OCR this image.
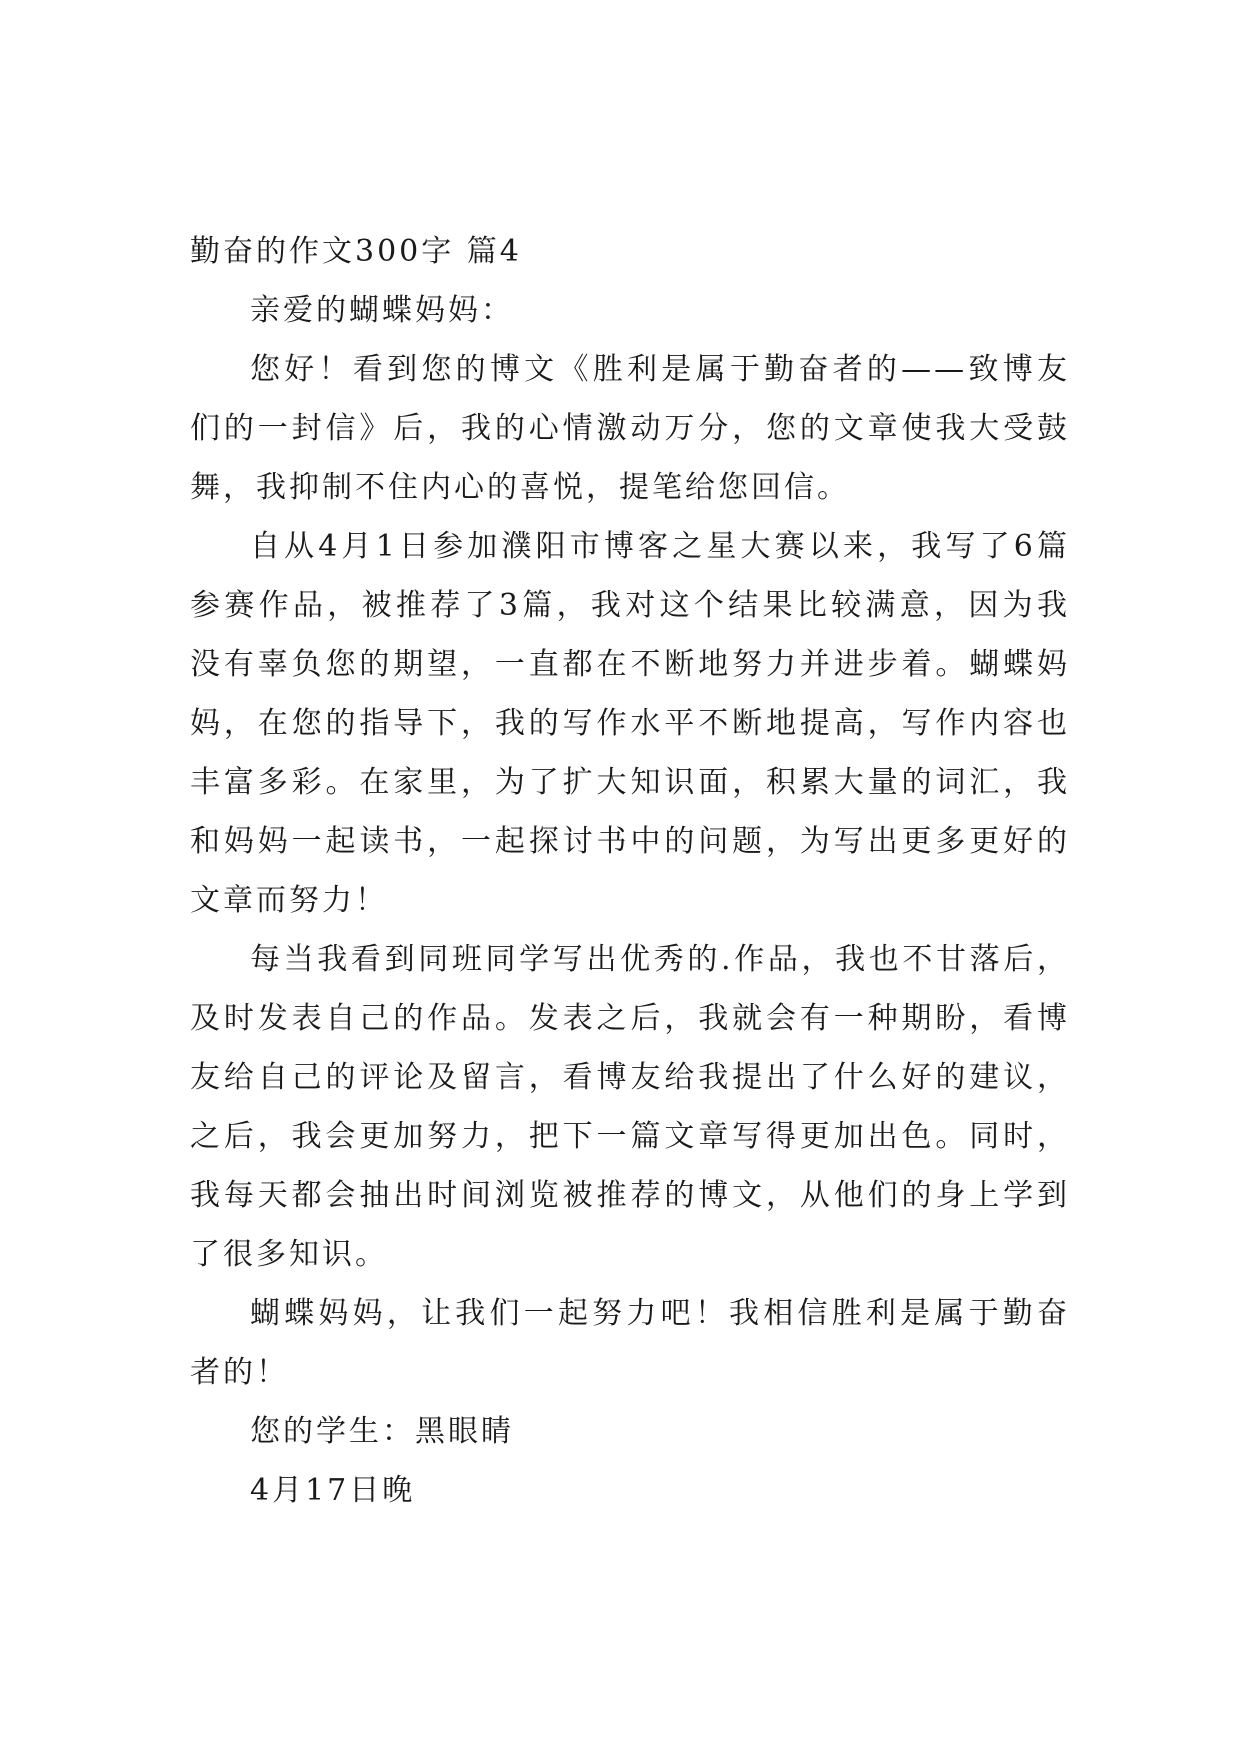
勤奋的作文300字 篇4

亲爱的蝴蝶妈妈：

您好！看到您的博文《胜利是属于勤奋者的——致博友们的一封信》后，我的心情激动万分，您的文章使我大受鼓舞，我抑制不住内心的喜悦，提笔给您回信。

自从4月1日参加濮阳市博客之星大赛以来，我写了6篇参赛作品，被推荐了3篇，我对这个结果比较满意，因为我没有辜负您的期望，一直都在不断地努力并进步着。蝴蝶妈妈，在您的指导下，我的写作水平不断地提高，写作内容也丰富多彩。在家里，为了扩大知识面，积累大量的词汇，我和妈妈一起读书，一起探讨书中的问题，为写出更多更好的文章而努力！

每当我看到同班同学写出优秀的.作品，我也不甘落后，及时发表自己的作品。发表之后，我就会有一种期盼，看博友给自己的评论及留言，看博友给我提出了什么好的建议，之后，我会更加努力，把下一篇文章写得更加出色。同时，我每天都会抽出时间浏览被推荐的博文，从他们的身上学到了很多知识。

蝴蝶妈妈，让我们一起努力吧！我相信胜利是属于勤奋者的！

您的学生：黑眼睛

4月17日晚
